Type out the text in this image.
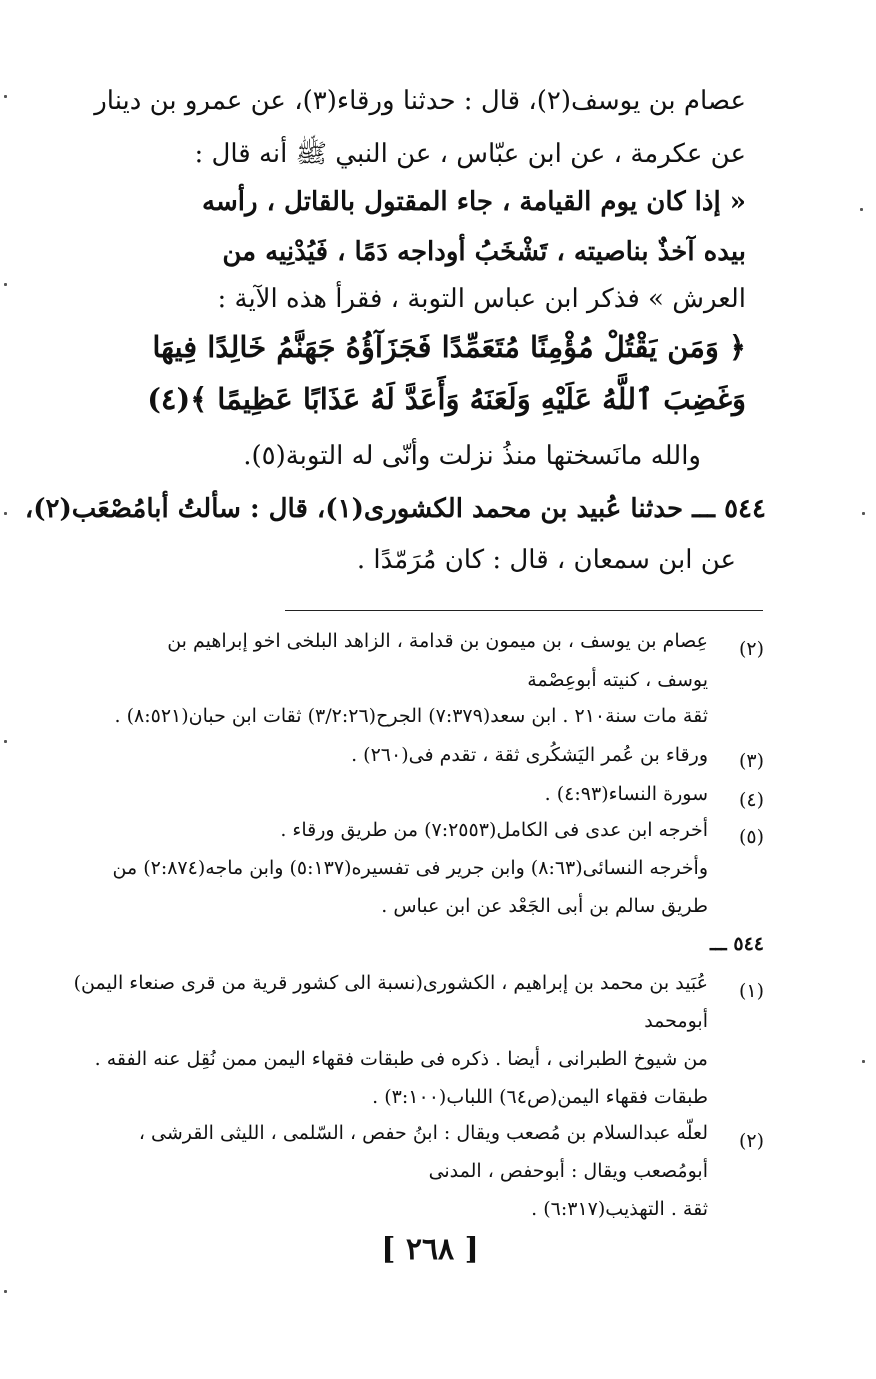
عصام بن يوسف(٢)، قال : حدثنا ورقاء(٣)، عن عمرو بن دينار
عن عكرمة ، عن ابن عبّاس ، عن النبي ﷺ أنه قال :
« إذا كان يوم القيامة ، جاء المقتول بالقاتل ، رأسه
بيده آخذٌ بناصيته ، تَشْخَبُ أوداجه دَمًا ، فَيُدْنِيه من
العرش » فذكر ابن عباس التوبة ، فقرأ هذه الآية :
﴿ وَمَن يَقْتُلْ مُؤْمِنًا مُتَعَمِّدًا فَجَزَآؤُهُ جَهَنَّمُ خَالِدًا فِيهَا
وَغَضِبَ ٱللَّهُ عَلَيْهِ وَلَعَنَهُ وَأَعَدَّ لَهُ عَذَابًا عَظِيمًا ﴾(٤)
والله مانَسختها منذُ نزلت وأنّى له التوبة(٥).
٥٤٤ ـــ حدثنا عُبيد بن محمد الكشورى(١)، قال : سألتُ أبامُصْعَب(٢)،
عن ابن سمعان ، قال : كان مُرَمّدًا .
(٢)
عِصام بن يوسف ، بن ميمون بن قدامة ، الزاهد البلخى اخو إبراهيم بن
يوسف ، كنيته أبوعِصْمة
ثقة مات سنة٢١٠ . ابن سعد(٧:٣٧٩) الجرح(٣/٢:٢٦) ثقات ابن حبان(٨:٥٢١) .
(٣)
ورقاء بن عُمر اليَشكُرى ثقة ، تقدم فى(٢٦٠) .
(٤)
سورة النساء(٤:٩٣) .
(٥)
أخرجه ابن عدى فى الكامل(٧:٢٥٥٣) من طريق ورقاء .
وأخرجه النسائى(٨:٦٣) وابن جرير فى تفسيره(٥:١٣٧) وابن ماجه(٢:٨٧٤) من
طريق سالم بن أبى الجَعْد عن ابن عباس .
٥٤٤ ـــ
(١)
عُبَيد بن محمد بن إبراهيم ، الكشورى(نسبة الى كشور قرية من قرى صنعاء اليمن)
أبومحمد
من شيوخ الطبرانى ، أيضا . ذكره فى طبقات فقهاء اليمن ممن نُقِل عنه الفقه .
طبقات فقهاء اليمن(ص٦٤) اللباب(٣:١٠٠) .
(٢)
لعلّه عبدالسلام بن مُصعب ويقال : ابنُ حفص ، السّلمى ، الليثى القرشى ،
أبومُصعب ويقال : أبوحفص ، المدنى
ثقة . التهذيب(٦:٣١٧) .
[ ٢٦٨ ]
